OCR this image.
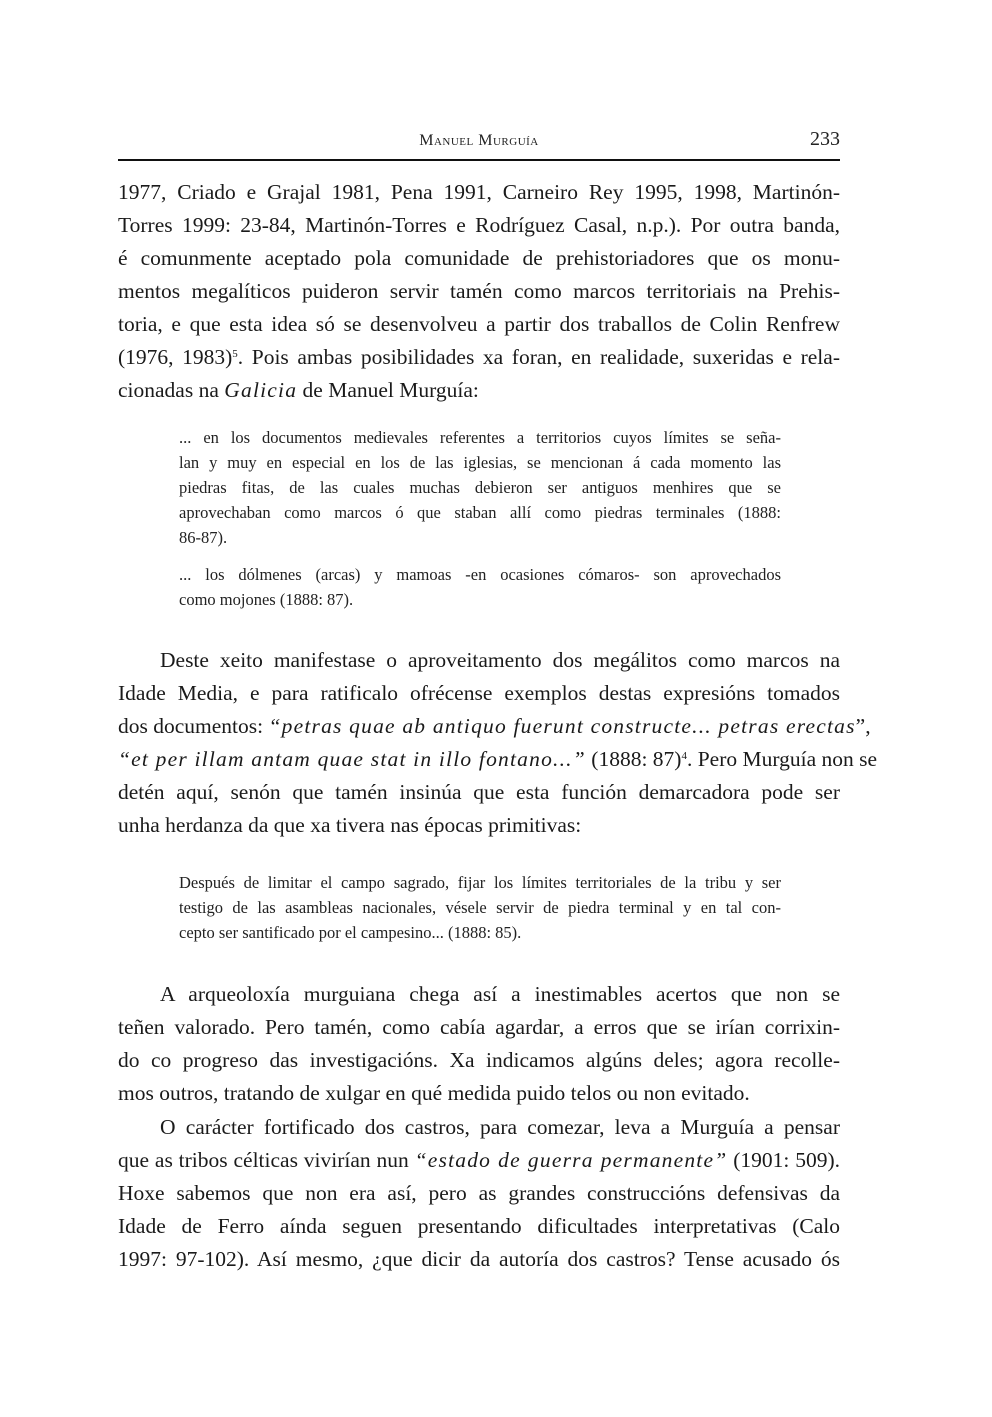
Manuel Murguía	233
1977, Criado e Grajal 1981, Pena 1991, Carneiro Rey 1995, 1998, Martinón-
Torres 1999: 23-84, Martinón-Torres e Rodríguez Casal, n.p.). Por outra banda,
é comunmente aceptado pola comunidade de prehistoriadores que os monu-
mentos megalíticos puideron servir tamén como marcos territoriais na Prehis-
toria, e que esta idea só se desenvolveu a partir dos traballos de Colin Renfrew
(1976, 1983)$^5$. Pois ambas posibilidades xa foran, en realidade, suxeridas e rela-
cionadas na Galicia de Manuel Murguía:
... en los documentos medievales referentes a territorios cuyos límites se seña-
lan y muy en especial en los de las iglesias, se mencionan á cada momento las
piedras fitas, de las cuales muchas debieron ser antiguos menhires que se
aprovechaban como marcos ó que staban allí como piedras terminales (1888:
86-87).
... los dólmenes (arcas) y mamoas -en ocasiones cómaros- son aprovechados
como mojones (1888: 87).
Deste xeito manifestase o aproveitamento dos megálitos como marcos na
Idade Media, e para ratificalo ofrécense exemplos destas expresións tomados
dos documentos: “petras quae ab antiquo fuerunt constructe... petras erectas”,
“et per illam antam quae stat in illo fontano...” (1888: 87)$^4$. Pero Murguía non se
detén aquí, senón que tamén insinúa que esta función demarcadora pode ser
unha herdanza da que xa tivera nas épocas primitivas:
Después de limitar el campo sagrado, fijar los límites territoriales de la tribu y ser
testigo de las asambleas nacionales, vésele servir de piedra terminal y en tal con-
cepto ser santificado por el campesino... (1888: 85).
A arqueoloxía murguiana chega así a inestimables acertos que non se
teñen valorado. Pero tamén, como cabía agardar, a erros que se irían corrixin-
do co progreso das investigacións. Xa indicamos algúns deles; agora recolle-
mos outros, tratando de xulgar en qué medida puido telos ou non evitado.
O carácter fortificado dos castros, para comezar, leva a Murguía a pensar
que as tribos célticas vivirían nun “estado de guerra permanente” (1901: 509).
Hoxe sabemos que non era así, pero as grandes construccións defensivas da
Idade de Ferro aínda seguen presentando dificultades interpretativas (Calo
1997: 97-102). Así mesmo, ¿que dicir da autoría dos castros? Tense acusado ós
